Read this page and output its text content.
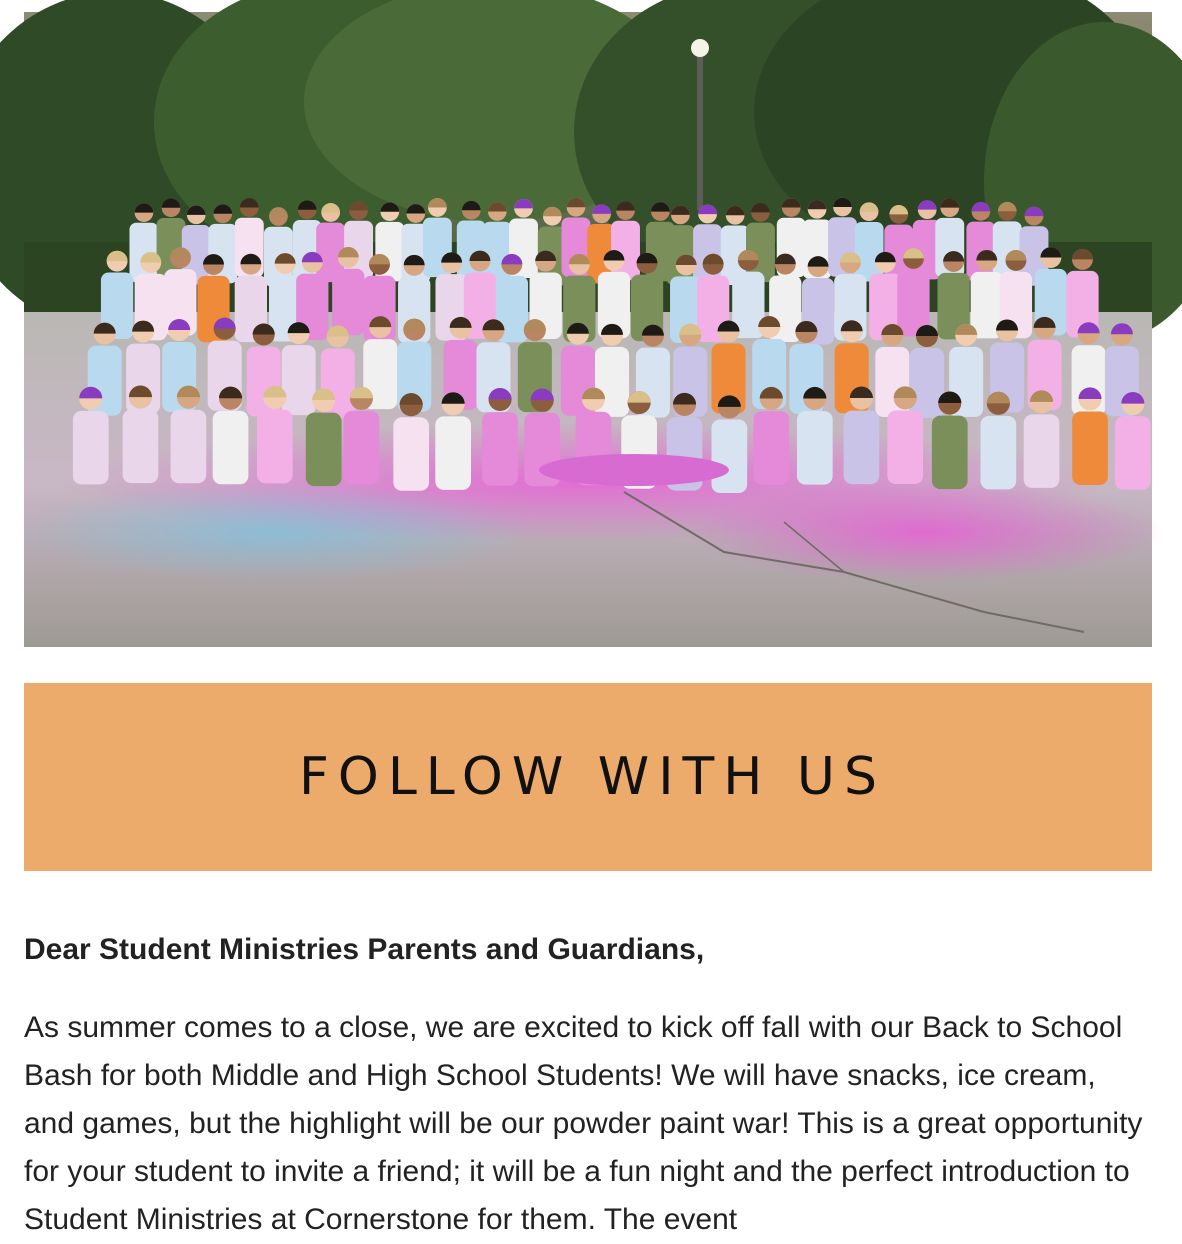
FOLLOW WITH US

Dear Student Ministries Parents and Guardians,

As summer comes to a close, we are excited to kick off fall with our Back to School Bash for both Middle and High School Students! We will have snacks, ice cream, and games, but the highlight will be our powder paint war! This is a great opportunity for your student to invite a friend; it will be a fun night and the perfect introduction to Student Ministries at Cornerstone for them. The event
